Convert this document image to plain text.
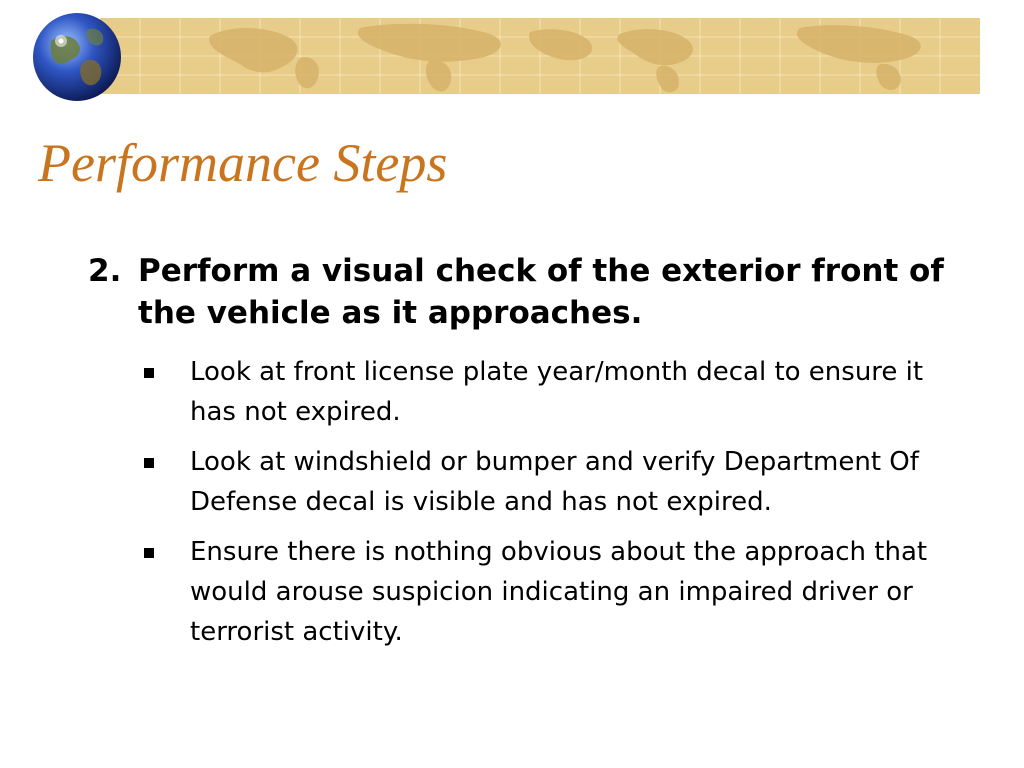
Performance Steps
2. Perform a visual check of the exterior front of the vehicle as it approaches.
Look at front license plate year/month decal to ensure it has not expired.
Look at windshield or bumper and verify Department Of Defense decal is visible and has not expired.
Ensure there is nothing obvious about the approach that would arouse suspicion indicating an impaired driver or terrorist activity.
